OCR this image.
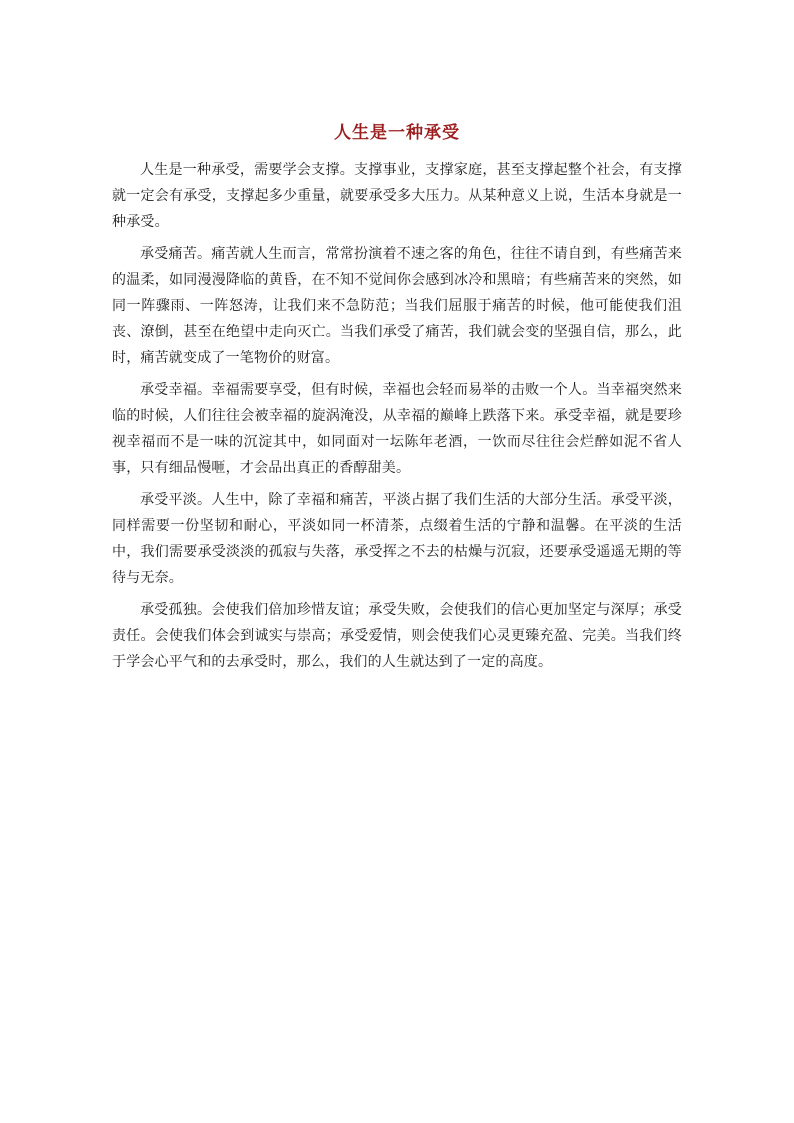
人生是一种承受

人生是一种承受，需要学会支撑。支撑事业，支撑家庭，甚至支撑起整个社会，有支撑就一定会有承受，支撑起多少重量，就要承受多大压力。从某种意义上说，生活本身就是一种承受。

承受痛苦。痛苦就人生而言，常常扮演着不速之客的角色，往往不请自到，有些痛苦来的温柔，如同漫漫降临的黄昏，在不知不觉间你会感到冰冷和黑暗；有些痛苦来的突然，如同一阵骤雨、一阵怒涛，让我们来不急防范；当我们屈服于痛苦的时候，他可能使我们沮丧、潦倒，甚至在绝望中走向灭亡。当我们承受了痛苦，我们就会变的坚强自信，那么，此时，痛苦就变成了一笔物价的财富。

承受幸福。幸福需要享受，但有时候，幸福也会轻而易举的击败一个人。当幸福突然来临的时候，人们往往会被幸福的旋涡淹没，从幸福的巅峰上跌落下来。承受幸福，就是要珍视幸福而不是一味的沉淀其中，如同面对一坛陈年老酒，一饮而尽往往会烂醉如泥不省人事，只有细品慢咂，才会品出真正的香醇甜美。

承受平淡。人生中，除了幸福和痛苦，平淡占据了我们生活的大部分生活。承受平淡，同样需要一份坚韧和耐心，平淡如同一杯清茶，点缀着生活的宁静和温馨。在平淡的生活中，我们需要承受淡淡的孤寂与失落，承受挥之不去的枯燥与沉寂，还要承受遥遥无期的等待与无奈。

承受孤独。会使我们倍加珍惜友谊；承受失败，会使我们的信心更加坚定与深厚；承受责任。会使我们体会到诚实与崇高；承受爱情，则会使我们心灵更臻充盈、完美。当我们终于学会心平气和的去承受时，那么，我们的人生就达到了一定的高度。
